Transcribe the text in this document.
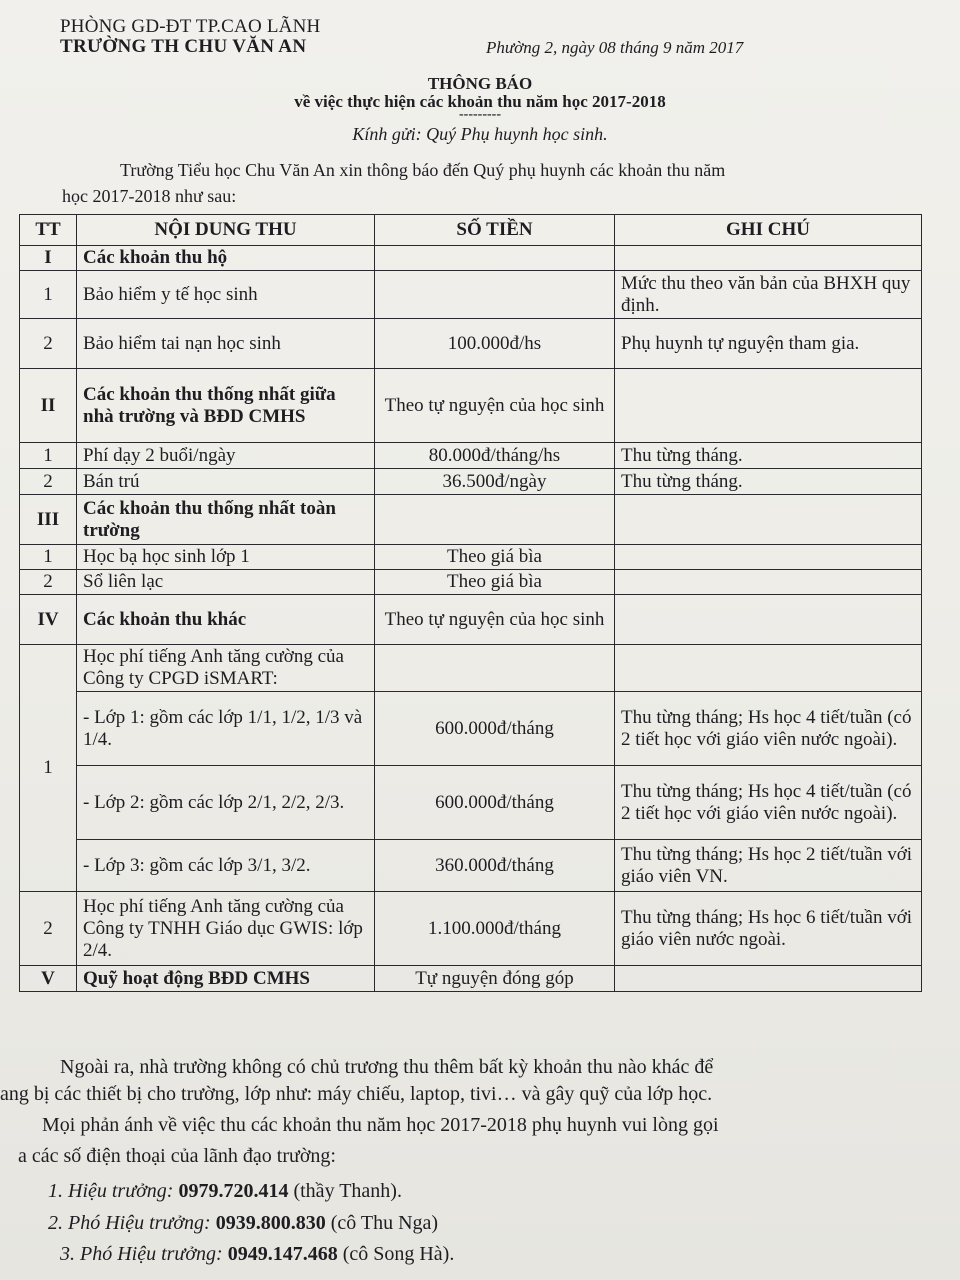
PHÒNG GD-ĐT TP.CAO LÃNH
TRƯỜNG TH CHU VĂN AN	Phường 2, ngày 08 tháng 9 năm 2017
THÔNG BÁO
về việc thực hiện các khoản thu năm học 2017-2018
---------
Kính gửi: Quý Phụ huynh học sinh.
Trường Tiểu học Chu Văn An xin thông báo đến Quý phụ huynh các khoản thu năm
học 2017-2018 như sau:
TT	NỘI DUNG THU	SỐ TIỀN	GHI CHÚ
I	Các khoản thu hộ		
1	Bảo hiểm y tế học sinh		Mức thu theo văn bản của BHXH quy định.
2	Bảo hiểm tai nạn học sinh	100.000đ/hs	Phụ huynh tự nguyện tham gia.
II	Các khoản thu thống nhất giữa nhà trường và BĐD CMHS	Theo tự nguyện của học sinh	
1	Phí dạy 2 buổi/ngày	80.000đ/tháng/hs	Thu từng tháng.
2	Bán trú	36.500đ/ngày	Thu từng tháng.
III	Các khoản thu thống nhất toàn trường		
1	Học bạ học sinh lớp 1	Theo giá bìa	
2	Sổ liên lạc	Theo giá bìa	
IV	Các khoản thu khác	Theo tự nguyện của học sinh	
1	Học phí tiếng Anh tăng cường của Công ty CPGD iSMART:		
	- Lớp 1: gồm các lớp 1/1, 1/2, 1/3 và 1/4.	600.000đ/tháng	Thu từng tháng; Hs học 4 tiết/tuần (có 2 tiết học với giáo viên nước ngoài).
	- Lớp 2: gồm các lớp 2/1, 2/2, 2/3.	600.000đ/tháng	Thu từng tháng; Hs học 4 tiết/tuần (có 2 tiết học với giáo viên nước ngoài).
	- Lớp 3: gồm các lớp 3/1, 3/2.	360.000đ/tháng	Thu từng tháng; Hs học 2 tiết/tuần với giáo viên VN.
2	Học phí tiếng Anh tăng cường của Công ty TNHH Giáo dục GWIS: lớp 2/4.	1.100.000đ/tháng	Thu từng tháng; Hs học 6 tiết/tuần với giáo viên nước ngoài.
V	Quỹ hoạt động BĐD CMHS	Tự nguyện đóng góp	
Ngoài ra, nhà trường không có chủ trương thu thêm bất kỳ khoản thu nào khác để
ang bị các thiết bị cho trường, lớp như: máy chiếu, laptop, tivi… và gây quỹ của lớp học.
Mọi phản ánh về việc thu các khoản thu năm học 2017-2018 phụ huynh vui lòng gọi
a các số điện thoại của lãnh đạo trường:
1. Hiệu trưởng: 0979.720.414 (thầy Thanh).
2. Phó Hiệu trưởng: 0939.800.830 (cô Thu Nga)
3. Phó Hiệu trưởng: 0949.147.468 (cô Song Hà).
